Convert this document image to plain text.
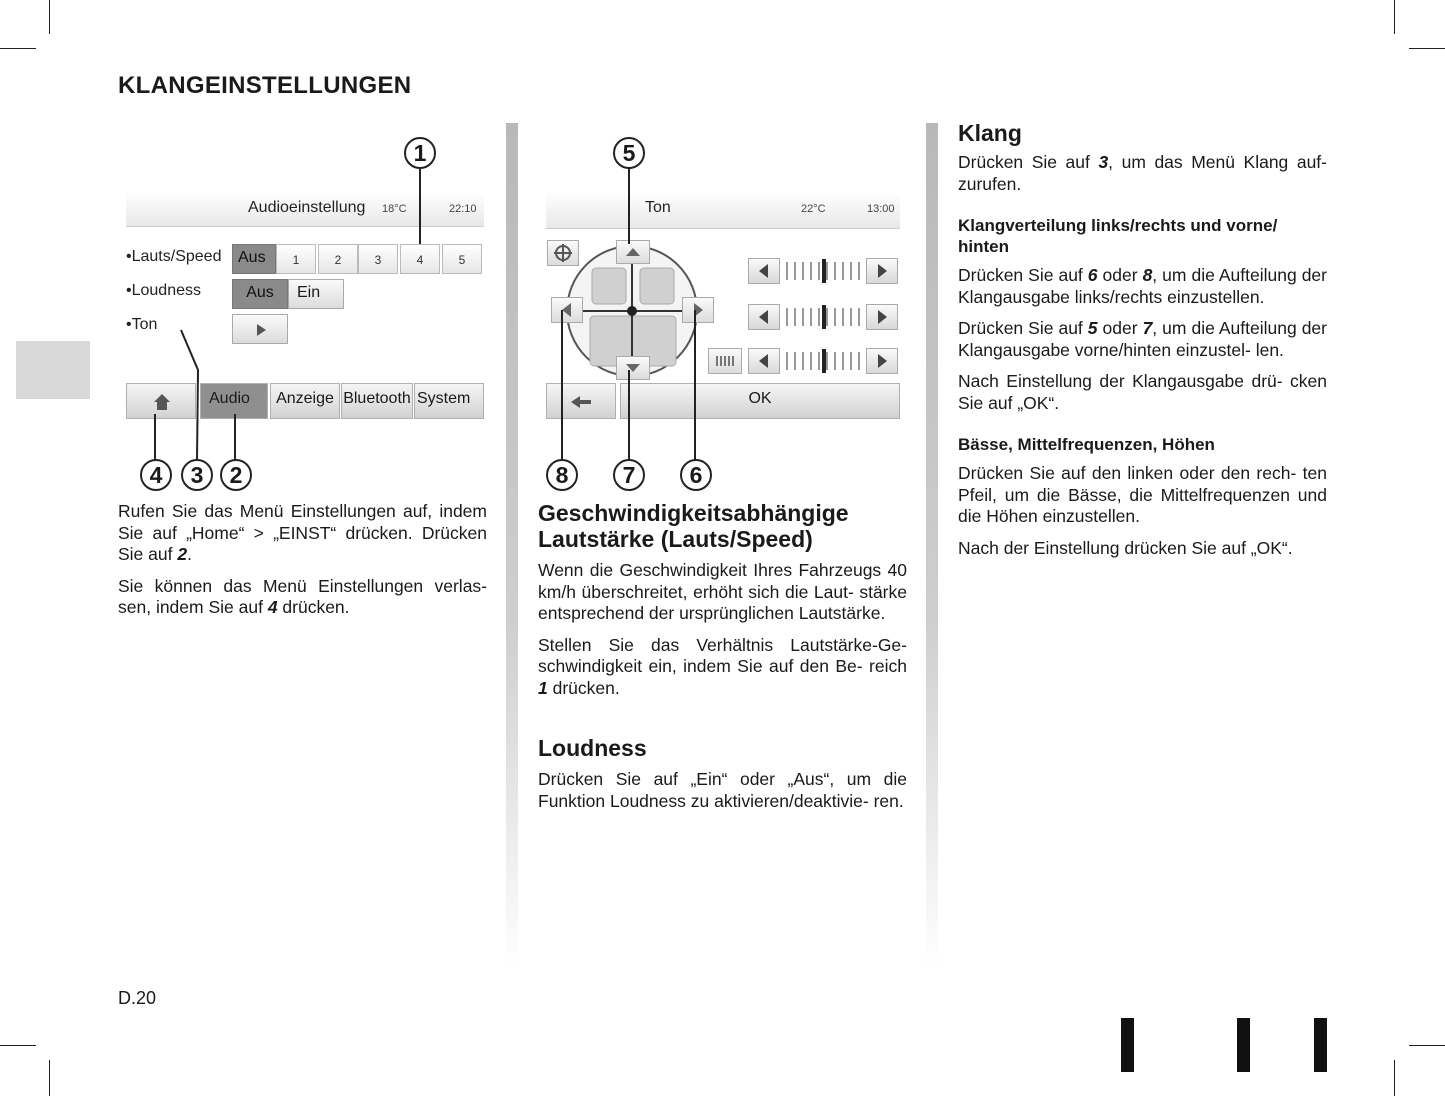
KLANGEINSTELLUNGEN
Audioeinstellung 18°C	22:10
•Lauts/Speed	Aus	1	2	3	4	5
•Loudness	Aus	Ein
•Ton
Audio	Anzeige Bluetooth System
1
4	3	2
Ton	22°C	13:00
OK
5
8	7	6

Rufen Sie das Menü Einstellungen auf, indem Sie auf „Home“ > „EINST“ drücken. Drücken Sie auf 2.

Sie können das Menü Einstellungen verlas- sen, indem Sie auf 4 drücken.

Geschwindigkeitsabhängige
Lautstärke (Lauts/Speed)

Wenn die Geschwindigkeit Ihres Fahrzeugs 40 km/h überschreitet, erhöht sich die Laut- stärke entsprechend der ursprünglichen Lautstärke.

Stellen Sie das Verhältnis Lautstärke-Ge- schwindigkeit ein, indem Sie auf den Be- reich 1 drücken.

Loudness

Drücken Sie auf „Ein“ oder „Aus“, um die Funktion Loudness zu aktivieren/deaktivie- ren.

Klang

Drücken Sie auf 3, um das Menü Klang auf- zurufen.

Klangverteilung links/rechts und vorne/ hinten

Drücken Sie auf 6 oder 8, um die Aufteilung der Klangausgabe links/rechts einzustellen.

Drücken Sie auf 5 oder 7, um die Aufteilung der Klangausgabe vorne/hinten einzustel- len.

Nach Einstellung der Klangausgabe drü- cken Sie auf „OK“.

Bässe, Mittelfrequenzen, Höhen

Drücken Sie auf den linken oder den rech- ten Pfeil, um die Bässe, die Mittelfrequenzen und die Höhen einzustellen.

Nach der Einstellung drücken Sie auf „OK“.

D.20
